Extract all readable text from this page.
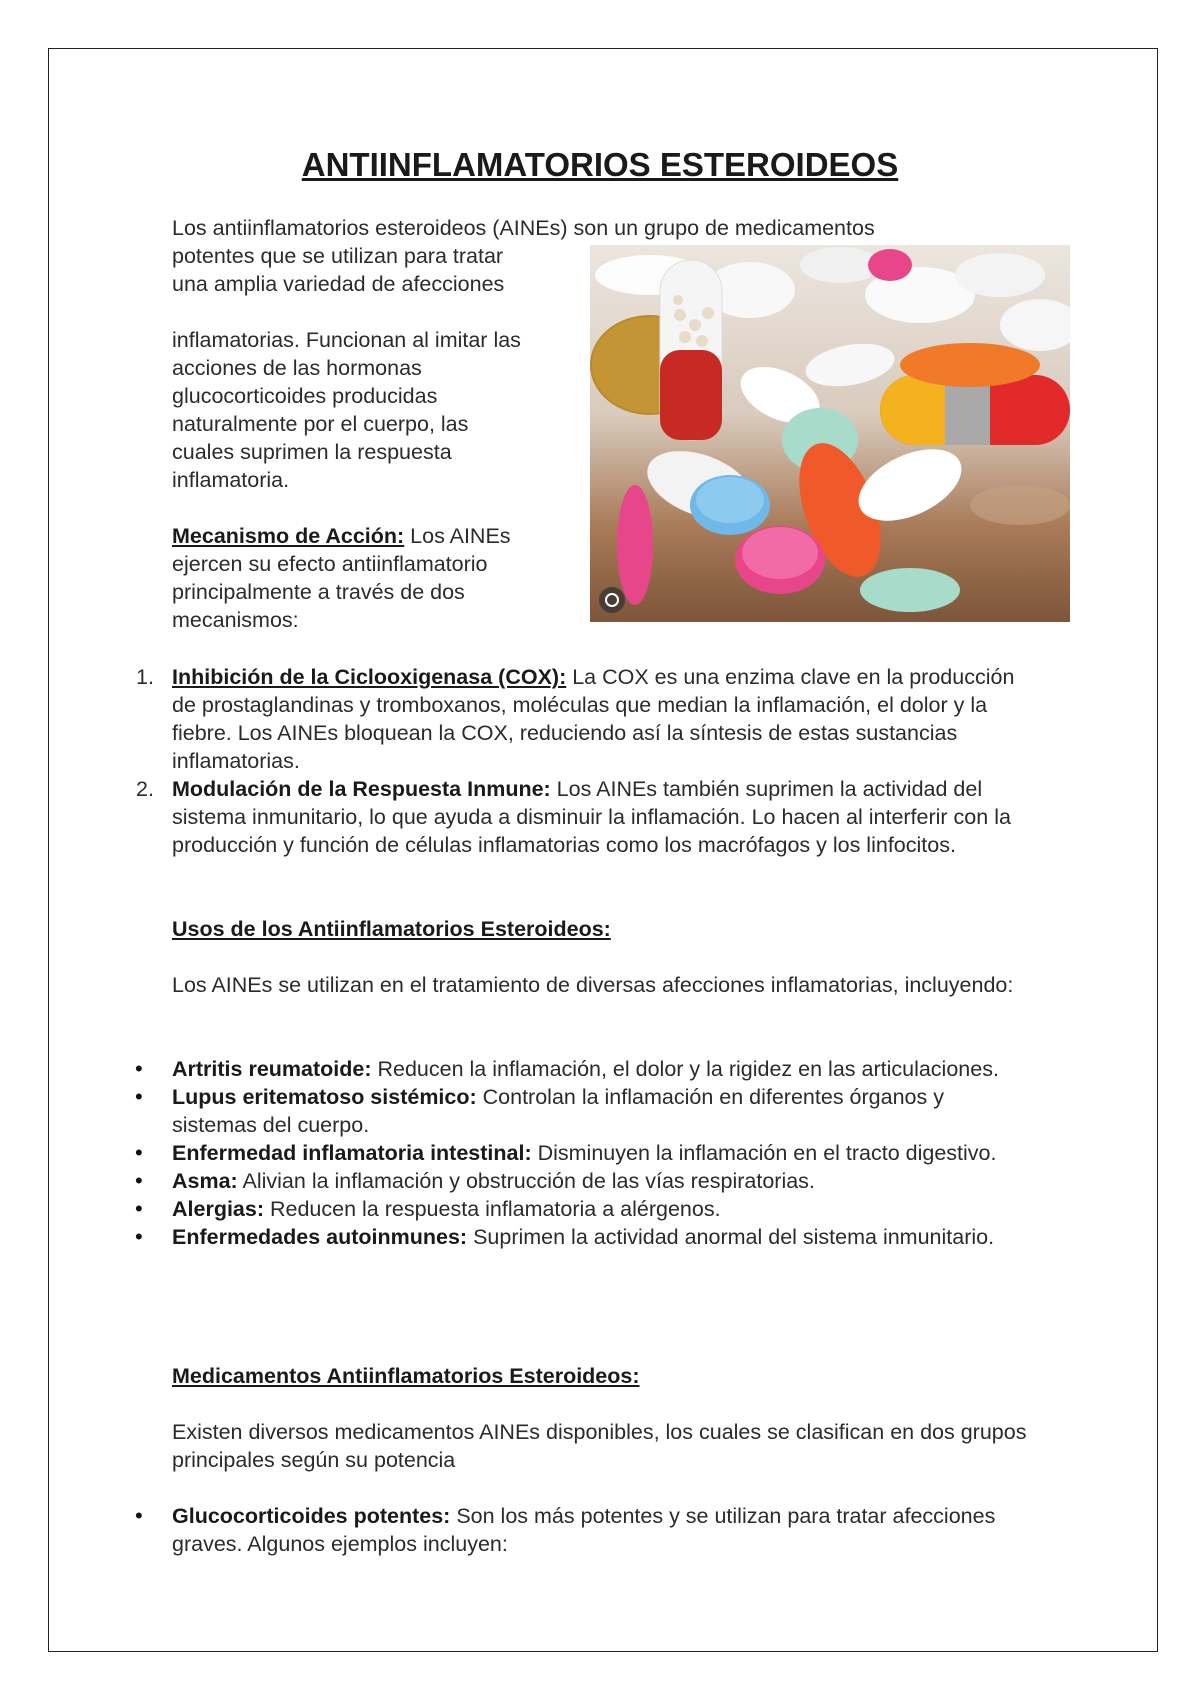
ANTIINFLAMATORIOS ESTEROIDEOS
Los antiinflamatorios esteroideos (AINEs) son un grupo de medicamentos
potentes que se utilizan para tratar
una amplia variedad de afecciones
inflamatorias. Funcionan al imitar las
acciones de las hormonas
glucocorticoides producidas
naturalmente por el cuerpo, las
cuales suprimen la respuesta
inflamatoria.
Mecanismo de Acción: Los AINEs
ejercen su efecto antiinflamatorio
principalmente a través de dos
mecanismos:
1. Inhibición de la Ciclooxigenasa (COX): La COX es una enzima clave en la producción de prostaglandinas y tromboxanos, moléculas que median la inflamación, el dolor y la fiebre. Los AINEs bloquean la COX, reduciendo así la síntesis de estas sustancias inflamatorias.
2. Modulación de la Respuesta Inmune: Los AINEs también suprimen la actividad del sistema inmunitario, lo que ayuda a disminuir la inflamación. Lo hacen al interferir con la producción y función de células inflamatorias como los macrófagos y los linfocitos.
Usos de los Antiinflamatorios Esteroideos:
Los AINEs se utilizan en el tratamiento de diversas afecciones inflamatorias, incluyendo:
• Artritis reumatoide: Reducen la inflamación, el dolor y la rigidez en las articulaciones.
• Lupus eritematoso sistémico: Controlan la inflamación en diferentes órganos y sistemas del cuerpo.
• Enfermedad inflamatoria intestinal: Disminuyen la inflamación en el tracto digestivo.
• Asma: Alivian la inflamación y obstrucción de las vías respiratorias.
• Alergias: Reducen la respuesta inflamatoria a alérgenos.
• Enfermedades autoinmunes: Suprimen la actividad anormal del sistema inmunitario.
Medicamentos Antiinflamatorios Esteroideos:
Existen diversos medicamentos AINEs disponibles, los cuales se clasifican en dos grupos principales según su potencia
• Glucocorticoides potentes: Son los más potentes y se utilizan para tratar afecciones graves. Algunos ejemplos incluyen:
